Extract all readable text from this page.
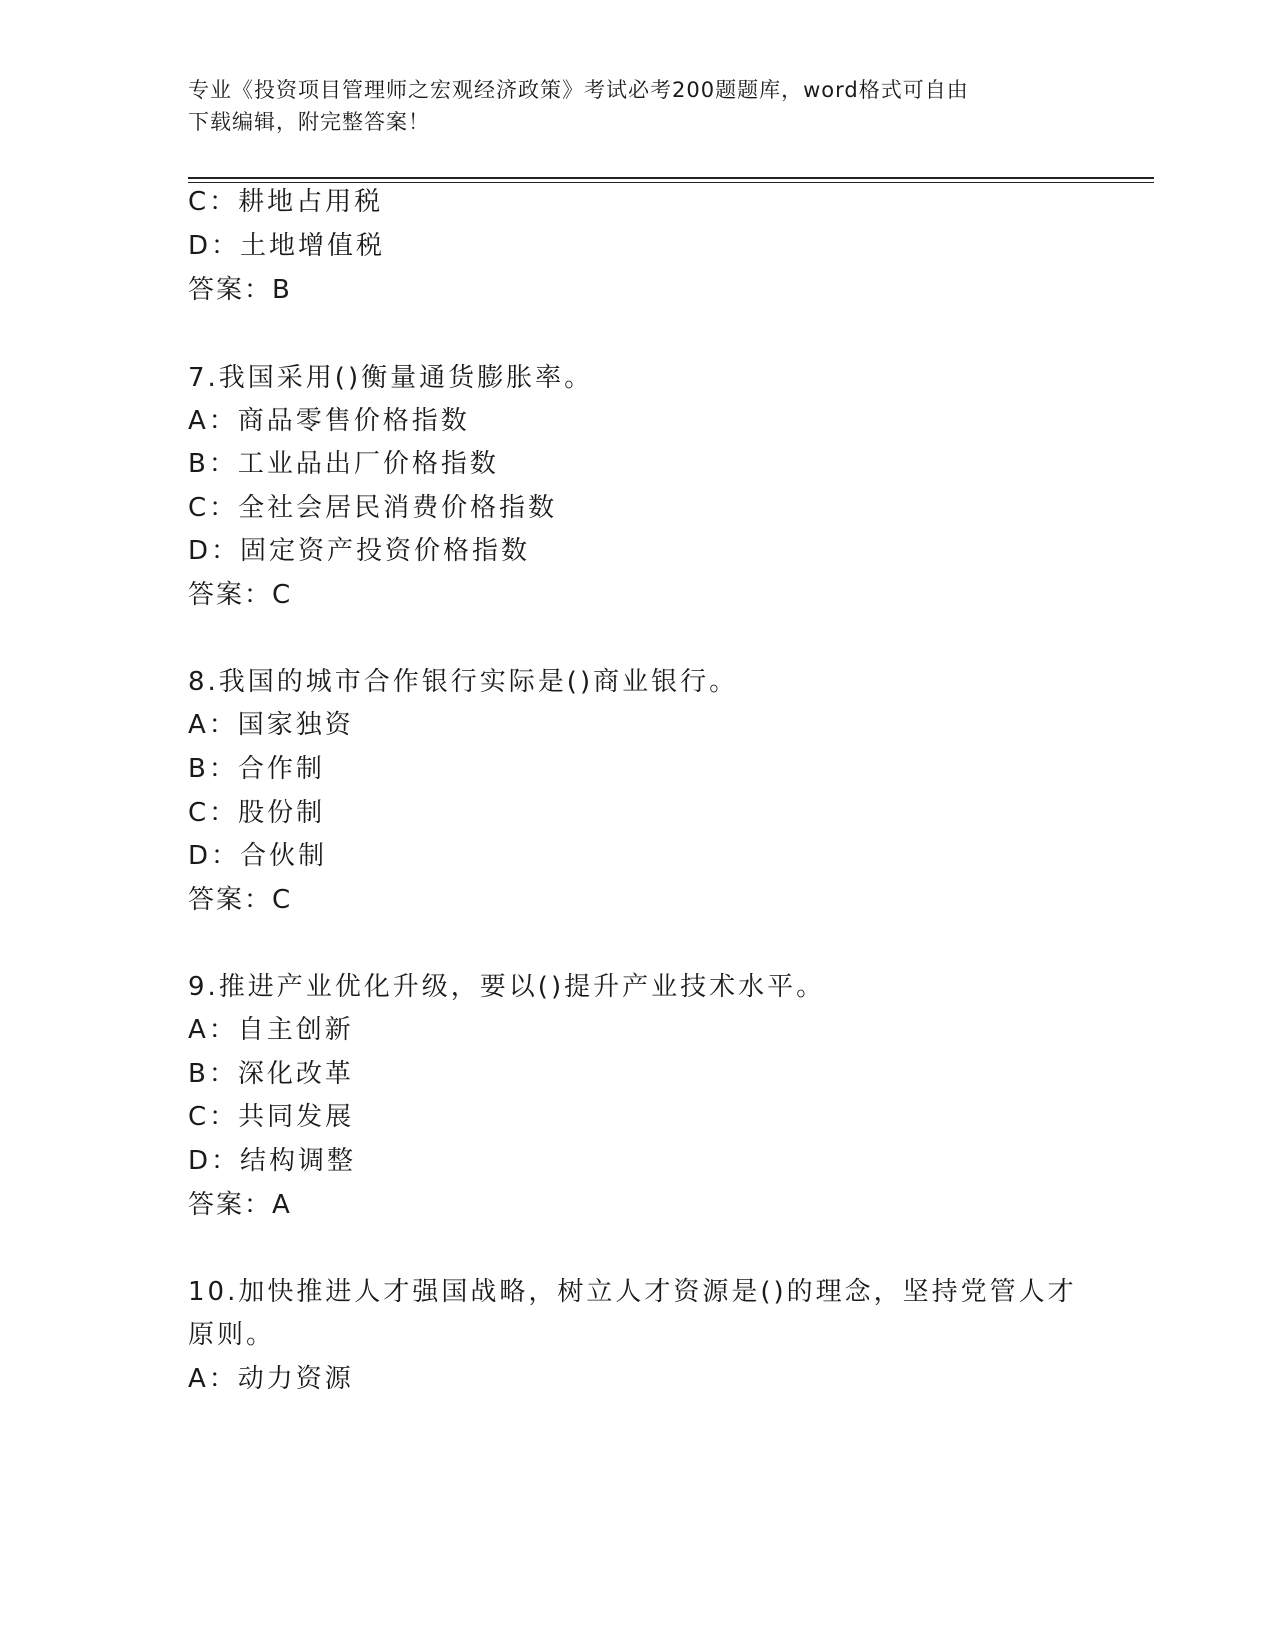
专业《投资项目管理师之宏观经济政策》考试必考200题题库，word格式可自由
下载编辑，附完整答案！
C：耕地占用税
D：土地增值税
答案：B
7.我国采用()衡量通货膨胀率。
A：商品零售价格指数
B：工业品出厂价格指数
C：全社会居民消费价格指数
D：固定资产投资价格指数
答案：C
8.我国的城市合作银行实际是()商业银行。
A：国家独资
B：合作制
C：股份制
D：合伙制
答案：C
9.推进产业优化升级，要以()提升产业技术水平。
A：自主创新
B：深化改革
C：共同发展
D：结构调整
答案：A
10.加快推进人才强国战略，树立人才资源是()的理念，坚持党管人才
原则。
A：动力资源
